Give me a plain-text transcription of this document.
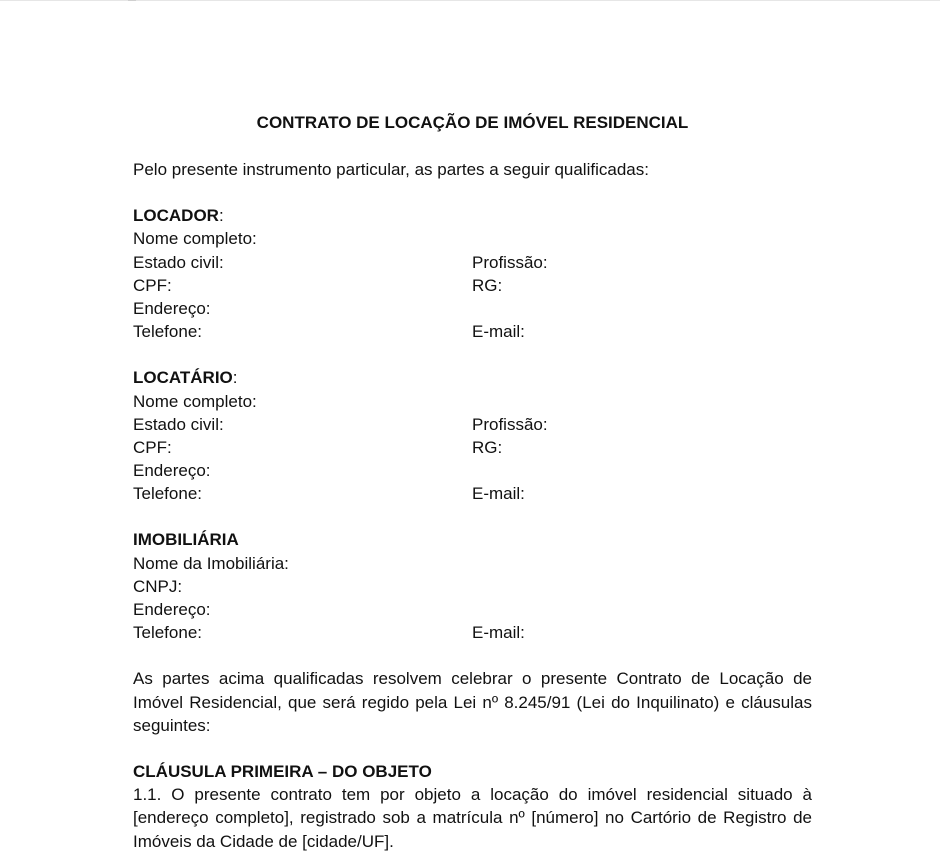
CONTRATO DE LOCAÇÃO DE IMÓVEL RESIDENCIAL

Pelo presente instrumento particular, as partes a seguir qualificadas:

LOCADOR:

Nome completo:
Estado civil:	Profissão:
CPF:	RG:
Endereço:
Telefone:	E-mail:

LOCATÁRIO:

Nome completo:
Estado civil:	Profissão:
CPF:	RG:
Endereço:
Telefone:	E-mail:

IMOBILIÁRIA

Nome da Imobiliária:
CNPJ:
Endereço:
Telefone:	E-mail:
As partes acima qualificadas resolvem celebrar o presente Contrato de Locação de
Imóvel Residencial, que será regido pela Lei nº 8.245/91 (Lei do Inquilinato) e cláusulas
seguintes:

CLÁUSULA PRIMEIRA – DO OBJETO

1.1. O presente contrato tem por objeto a locação do imóvel residencial situado à
[endereço completo], registrado sob a matrícula nº [número] no Cartório de Registro de
Imóveis da Cidade de [cidade/UF].
